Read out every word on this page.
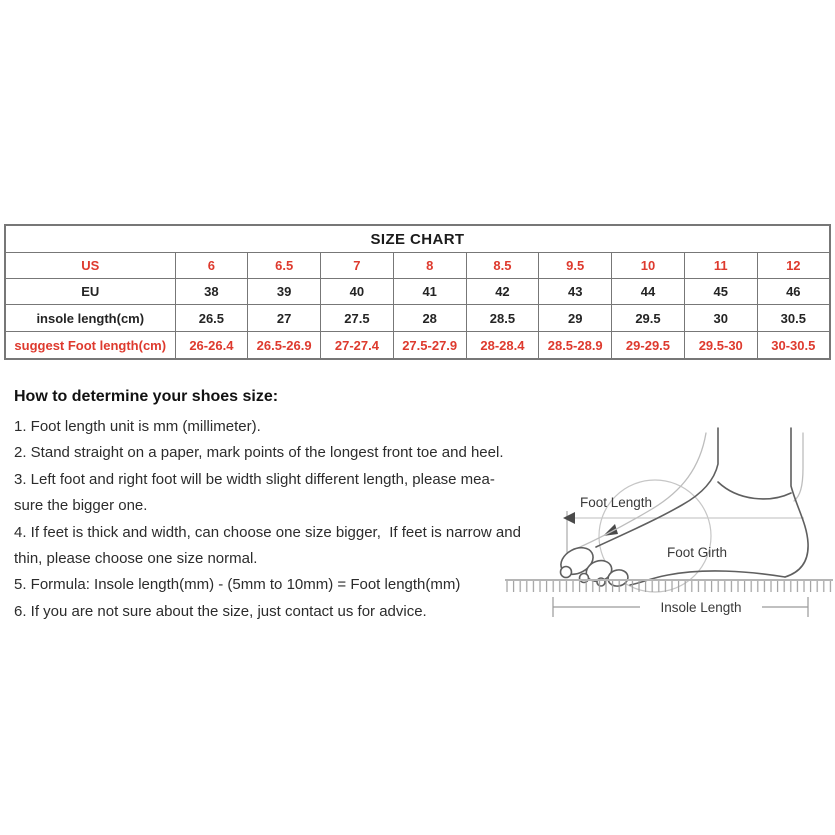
SIZE CHART									
US	6	6.5	7	8	8.5	9.5	10	11	12
EU	38	39	40	41	42	43	44	45	46
insole length(cm)	26.5	27	27.5	28	28.5	29	29.5	30	30.5
suggest Foot length(cm)	26-26.4	26.5-26.9	27-27.4	27.5-27.9	28-28.4	28.5-28.9	29-29.5	29.5-30	30-30.5
How to determine your shoes size:
1. Foot length unit is mm (millimeter).
2. Stand straight on a paper, mark points of the longest front toe and heel.
3. Left foot and right foot will be width slight different length, please mea-
sure the bigger one.
4. If feet is thick and width, can choose one size bigger,  If feet is narrow and
thin, please choose one size normal.
5. Formula: Insole length(mm) - (5mm to 10mm) = Foot length(mm)
6. If you are not sure about the size, just contact us for advice.
Foot Length
Foot Girth
Insole Length
